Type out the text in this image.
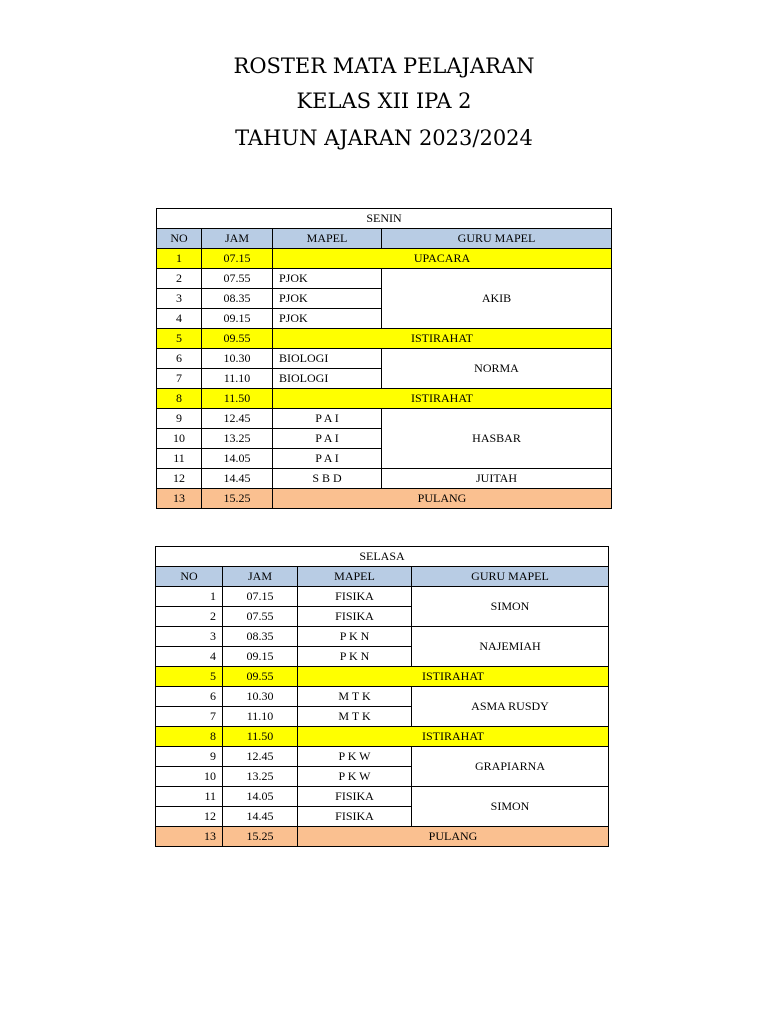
ROSTER MATA PELAJARAN
KELAS XII IPA 2
TAHUN AJARAN 2023/2024
SENIN			
NO	JAM	MAPEL	GURU MAPEL
1	07.15	UPACARA	
2	07.55	PJOK	AKIB
3	08.35	PJOK	
4	09.15	PJOK	
5	09.55	ISTIRAHAT	
6	10.30	BIOLOGI	NORMA
7	11.10	BIOLOGI	
8	11.50	ISTIRAHAT	
9	12.45	P A I	HASBAR
10	13.25	P A I	
11	14.05	P A I	
12	14.45	S B D	JUITAH
13	15.25	PULANG	
SELASA			
NO	JAM	MAPEL	GURU MAPEL
1	07.15	FISIKA	SIMON
2	07.55	FISIKA	
3	08.35	P K N	NAJEMIAH
4	09.15	P K N	
5	09.55	ISTIRAHAT	
6	10.30	M T K	ASMA RUSDY
7	11.10	M T K	
8	11.50	ISTIRAHAT	
9	12.45	P K W	GRAPIARNA
10	13.25	P K W	
11	14.05	FISIKA	SIMON
12	14.45	FISIKA	
13	15.25	PULANG	
